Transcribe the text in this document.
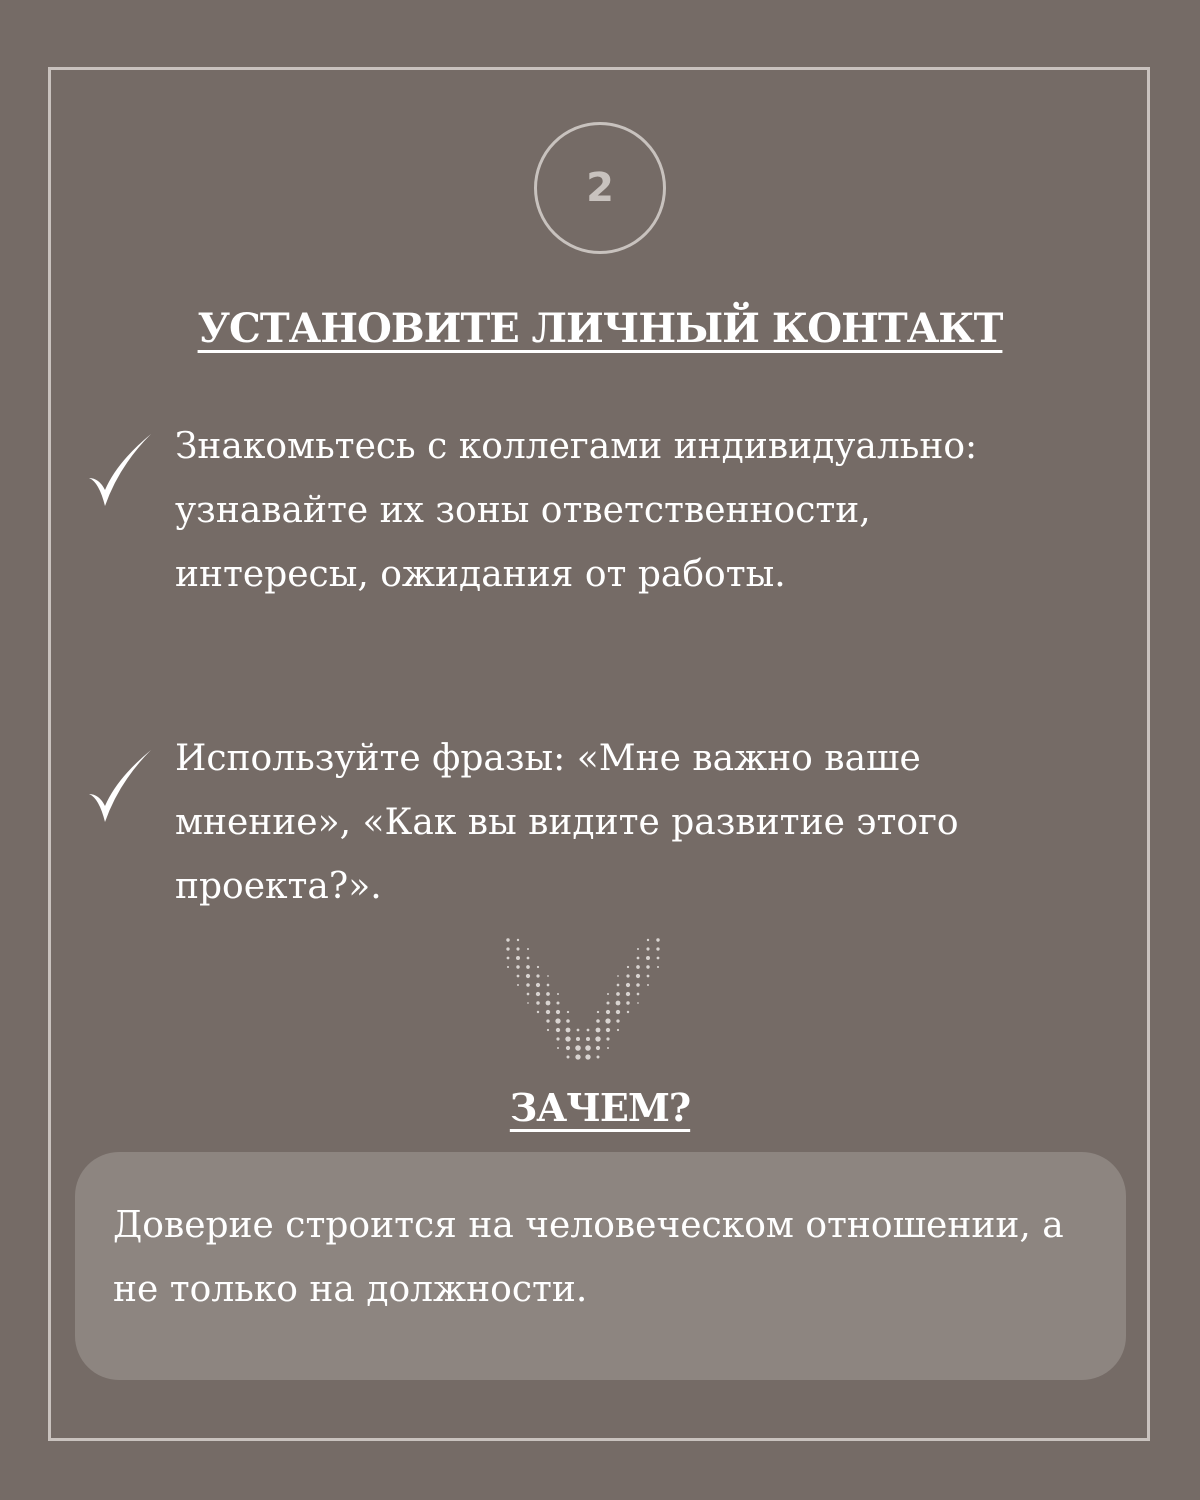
2
УСТАНОВИТЕ ЛИЧНЫЙ КОНТАКТ
Знакомьтесь с коллегами индивидуально: узнавайте их зоны ответственности, интересы, ожидания от работы.
Используйте фразы: «Мне важно ваше мнение», «Как вы видите развитие этого проекта?».
ЗАЧЕМ?
Доверие строится на человеческом отношении, а не только на должности.
